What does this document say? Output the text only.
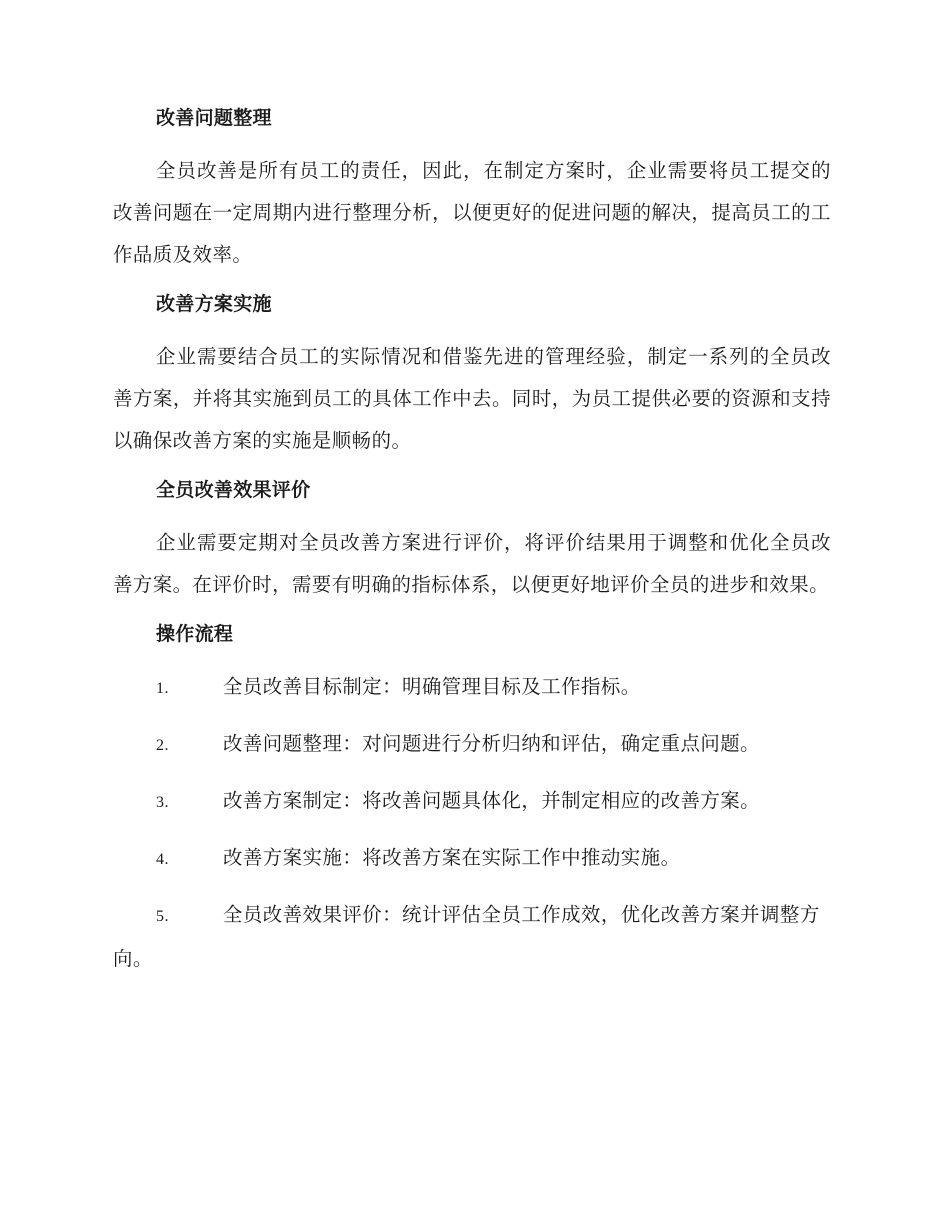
改善问题整理

全员改善是所有员工的责任，因此，在制定方案时，企业需要将员工提交的改善问题在一定周期内进行整理分析，以便更好的促进问题的解决，提高员工的工作品质及效率。

改善方案实施

企业需要结合员工的实际情况和借鉴先进的管理经验，制定一系列的全员改善方案，并将其实施到员工的具体工作中去。同时，为员工提供必要的资源和支持以确保改善方案的实施是顺畅的。

全员改善效果评价

企业需要定期对全员改善方案进行评价，将评价结果用于调整和优化全员改善方案。在评价时，需要有明确的指标体系，以便更好地评价全员的进步和效果。

操作流程
1.	全员改善目标制定：明确管理目标及工作指标。
2.	改善问题整理：对问题进行分析归纳和评估，确定重点问题。
3.	改善方案制定：将改善问题具体化，并制定相应的改善方案。
4.	改善方案实施：将改善方案在实际工作中推动实施。
5.	全员改善效果评价：统计评估全员工作成效，优化改善方案并调整方向。
